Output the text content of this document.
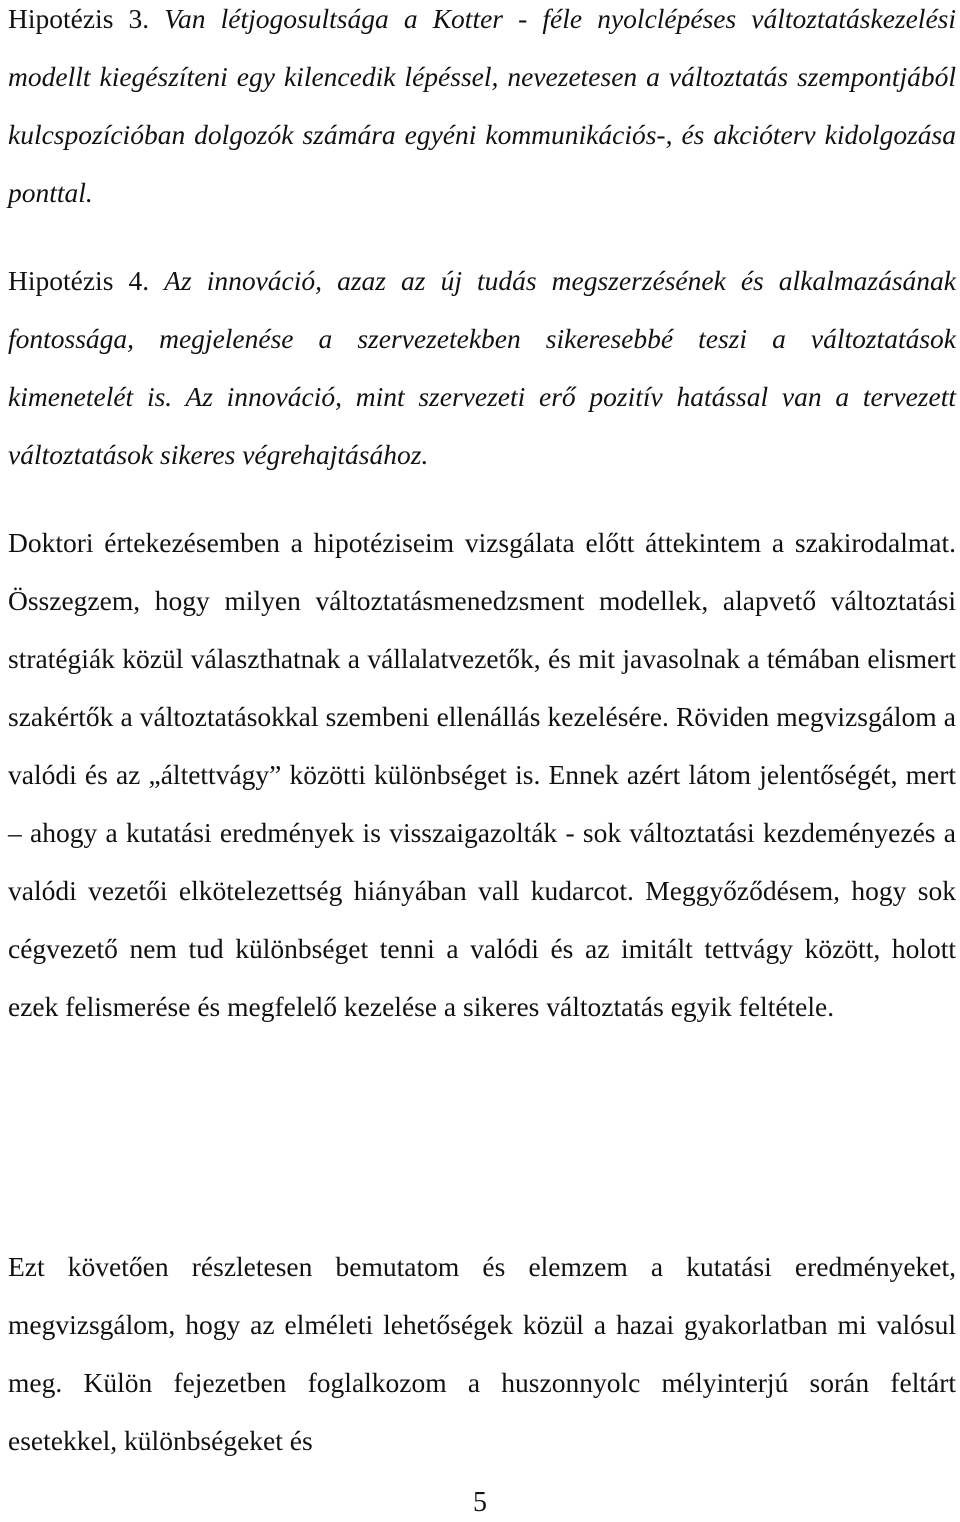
Hipotézis 3. Van létjogosultsága a Kotter - féle nyolclépéses változtatáskezelési modellt kiegészíteni egy kilencedik lépéssel, nevezetesen a változtatás szempontjából kulcspozícióban dolgozók számára egyéni kommunikációs-, és akcióterv kidolgozása ponttal.

Hipotézis 4. Az innováció, azaz az új tudás megszerzésének és alkalmazásának fontossága, megjelenése a szervezetekben sikeresebbé teszi a változtatások kimenetelét is. Az innováció, mint szervezeti erő pozitív hatással van a tervezett változtatások sikeres végrehajtásához.

Doktori értekezésemben a hipotéziseim vizsgálata előtt áttekintem a szakirodalmat. Összegzem, hogy milyen változtatásmenedzsment modellek, alapvető változtatási stratégiák közül választhatnak a vállalatvezetők, és mit javasolnak a témában elismert szakértők a változtatásokkal szembeni ellenállás kezelésére. Röviden megvizsgálom a valódi és az „áltettvágy” közötti különbséget is. Ennek azért látom jelentőségét, mert – ahogy a kutatási eredmények is visszaigazolták - sok változtatási kezdeményezés a valódi vezetői elkötelezettség hiányában vall kudarcot. Meggyőződésem, hogy sok cégvezető nem tud különbséget tenni a valódi és az imitált tettvágy között, holott ezek felismerése és megfelelő kezelése a sikeres változtatás egyik feltétele.

Ezt követően részletesen bemutatom és elemzem a kutatási eredményeket, megvizsgálom, hogy az elméleti lehetőségek közül a hazai gyakorlatban mi valósul meg. Külön fejezetben foglalkozom a huszonnyolc mélyinterjú során feltárt esetekkel, különbségeket és

5
